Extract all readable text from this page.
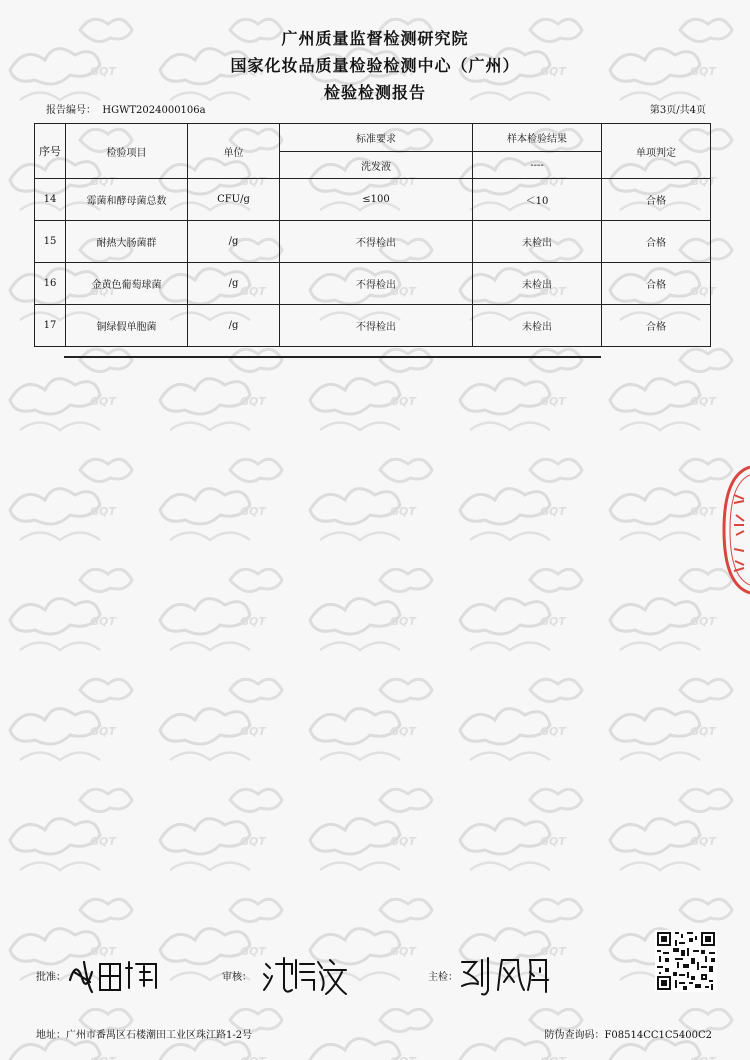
广州质量监督检测研究院
国家化妆品质量检验检测中心（广州）
检验检测报告
报告编号： HGWT2024000106a	第3页/共4页
序号	检验项目	单位	标准要求	样本检验结果	单项判定
			洗发液	----	
14	霉菌和酵母菌总数	CFU/g	≤100	＜10	合格
15	耐热大肠菌群	/g	不得检出	未检出	合格
16	金黄色葡萄球菌	/g	不得检出	未检出	合格
17	铜绿假单胞菌	/g	不得检出	未检出	合格
批准：	审核：	主检：
地址：广州市番禺区石楼潮田工业区珠江路1-2号	防伪查询码：F08514CC1C5400C2
